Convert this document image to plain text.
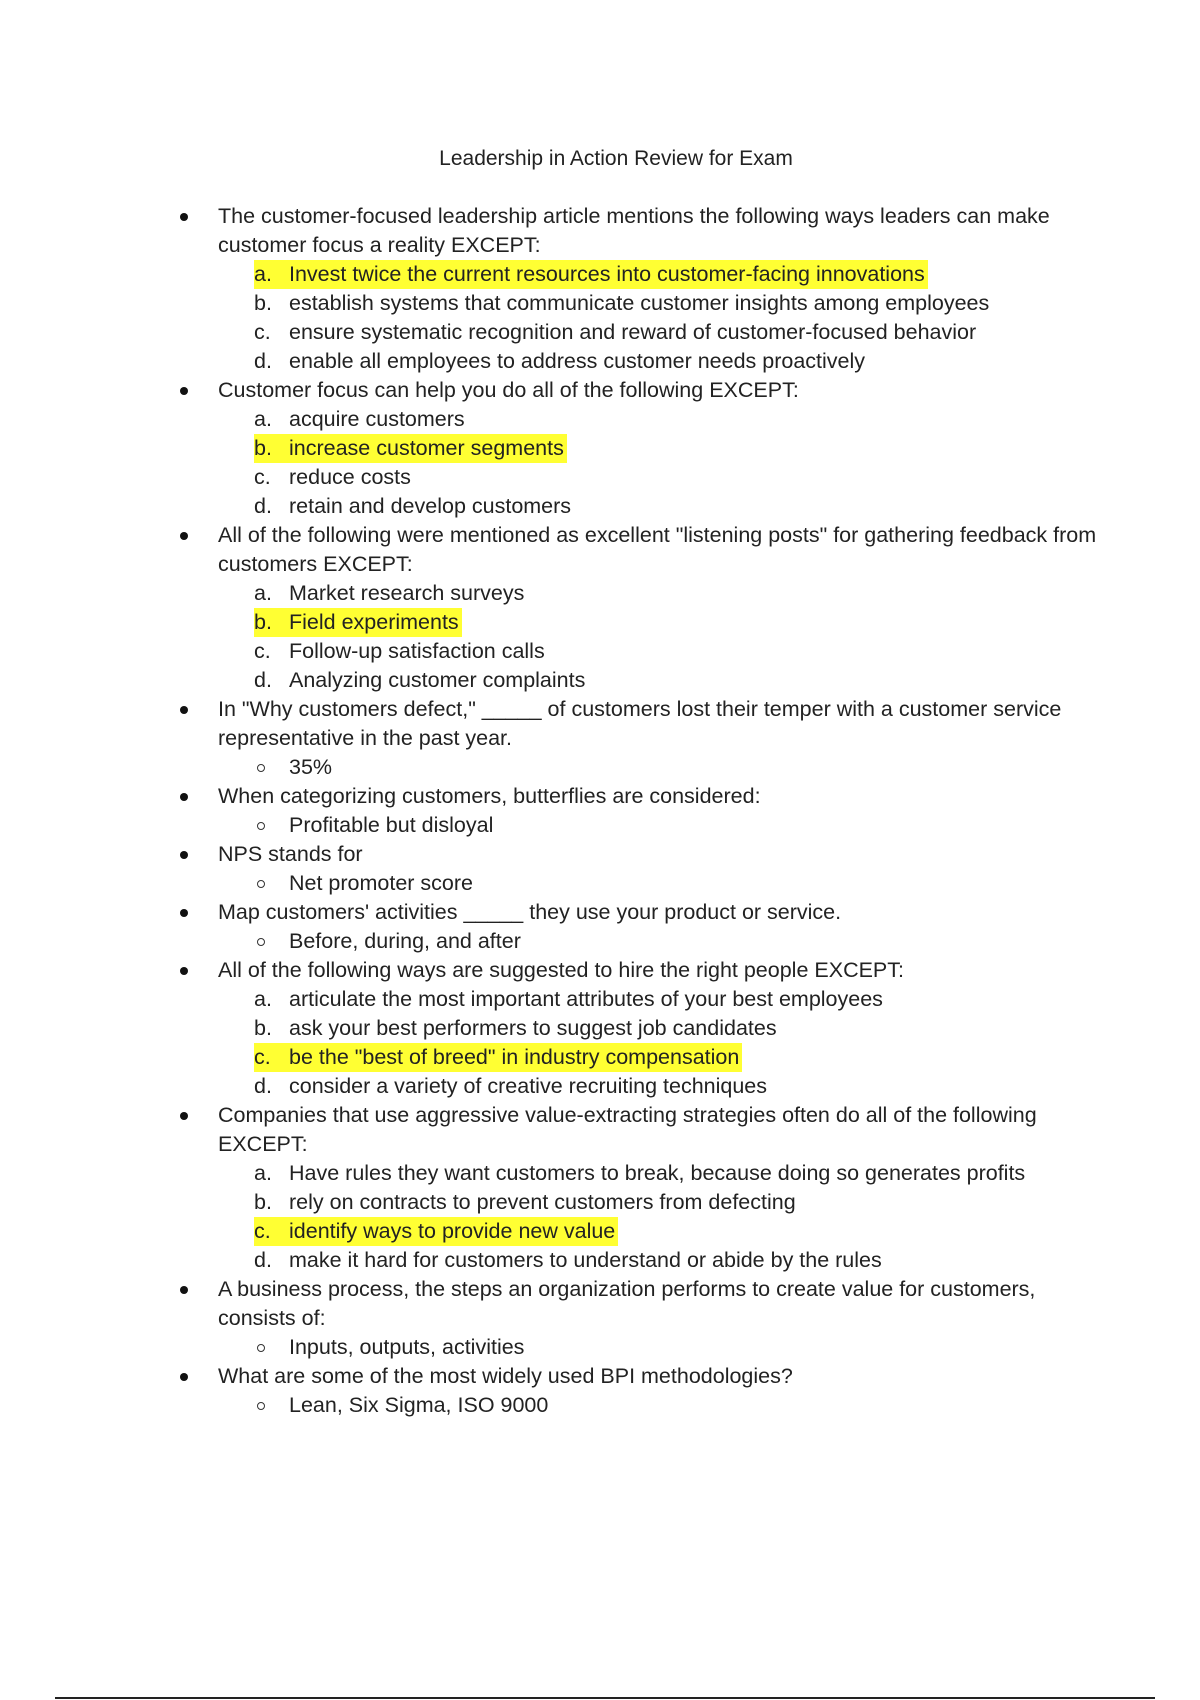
Leadership in Action Review for Exam
The customer-focused leadership article mentions the following ways leaders can make customer focus a reality EXCEPT:
a. Invest twice the current resources into customer-facing innovations
b. establish systems that communicate customer insights among employees
c. ensure systematic recognition and reward of customer-focused behavior
d. enable all employees to address customer needs proactively
Customer focus can help you do all of the following EXCEPT:
a. acquire customers
b. increase customer segments
c. reduce costs
d. retain and develop customers
All of the following were mentioned as excellent "listening posts" for gathering feedback from customers EXCEPT:
a. Market research surveys
b. Field experiments
c. Follow-up satisfaction calls
d. Analyzing customer complaints
In "Why customers defect," _____ of customers lost their temper with a customer service representative in the past year.
35%
When categorizing customers, butterflies are considered:
Profitable but disloyal
NPS stands for
Net promoter score
Map customers' activities _____ they use your product or service.
Before, during, and after
All of the following ways are suggested to hire the right people EXCEPT:
a. articulate the most important attributes of your best employees
b. ask your best performers to suggest job candidates
c. be the "best of breed" in industry compensation
d. consider a variety of creative recruiting techniques
Companies that use aggressive value-extracting strategies often do all of the following EXCEPT:
a. Have rules they want customers to break, because doing so generates profits
b. rely on contracts to prevent customers from defecting
c. identify ways to provide new value
d. make it hard for customers to understand or abide by the rules
A business process, the steps an organization performs to create value for customers, consists of:
Inputs, outputs, activities
What are some of the most widely used BPI methodologies?
Lean, Six Sigma, ISO 9000
